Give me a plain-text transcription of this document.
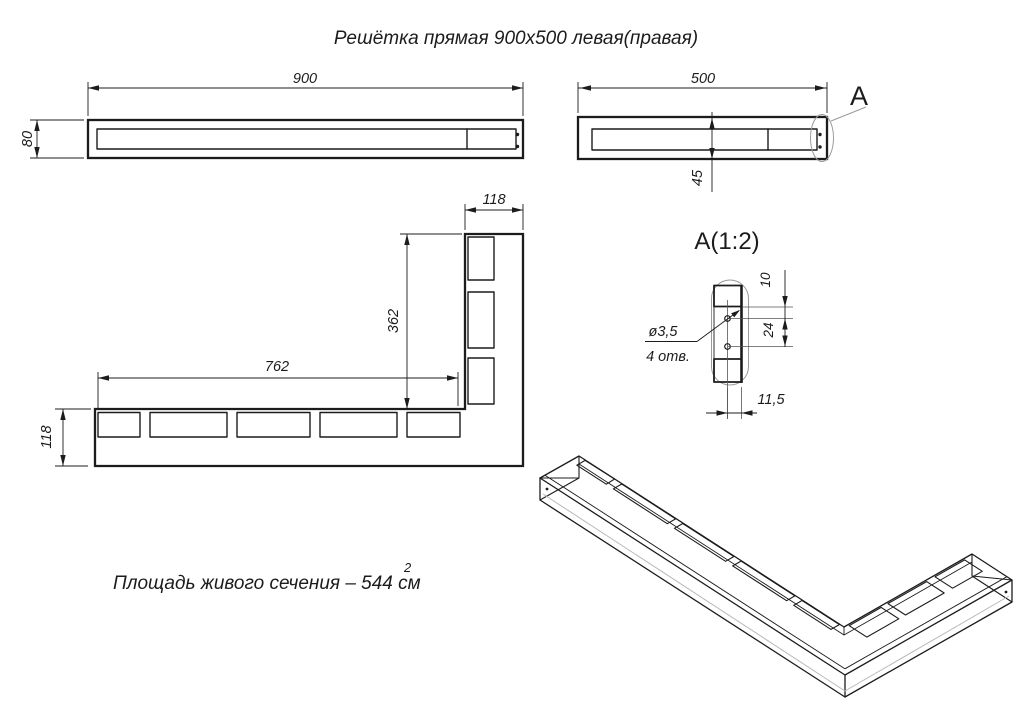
Решётка прямая 900х500 левая(правая)
900
80
500
45
А
118
362
762
118
А(1:2)
10
24
ø3,5
4 отв.
11,5
Площадь живого сечения – 544 см
2
